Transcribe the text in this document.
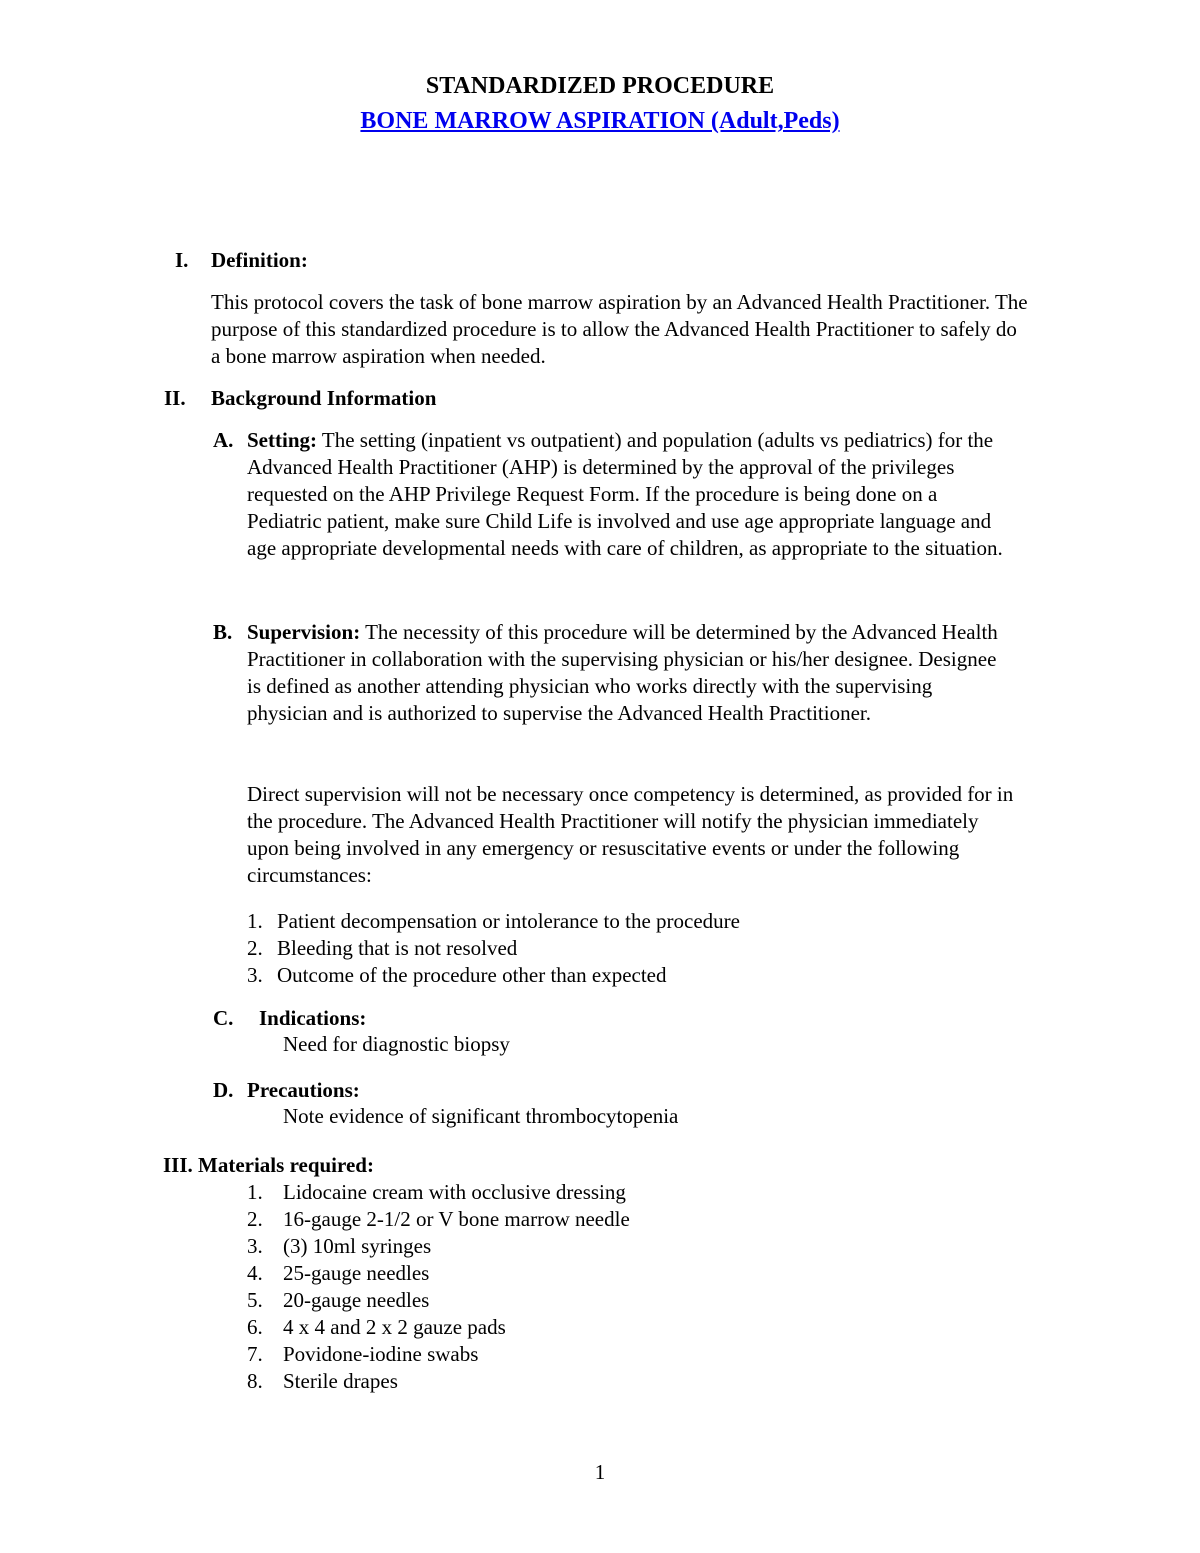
STANDARDIZED PROCEDURE
BONE MARROW ASPIRATION (Adult,Peds)
I. Definition:

This protocol covers the task of bone marrow aspiration by an Advanced Health Practitioner. The purpose of this standardized procedure is to allow the Advanced Health Practitioner to safely do a bone marrow aspiration when needed.

II. Background Information
A. Setting: The setting (inpatient vs outpatient) and population (adults vs pediatrics) for the Advanced Health Practitioner (AHP) is determined by the approval of the privileges requested on the AHP Privilege Request Form. If the procedure is being done on a Pediatric patient, make sure Child Life is involved and use age appropriate language and age appropriate developmental needs with care of children, as appropriate to the situation.
B. Supervision: The necessity of this procedure will be determined by the Advanced Health Practitioner in collaboration with the supervising physician or his/her designee. Designee is defined as another attending physician who works directly with the supervising physician and is authorized to supervise the Advanced Health Practitioner.

Direct supervision will not be necessary once competency is determined, as provided for in the procedure. The Advanced Health Practitioner will notify the physician immediately upon being involved in any emergency or resuscitative events or under the following circumstances:

1. Patient decompensation or intolerance to the procedure
2. Bleeding that is not resolved
3. Outcome of the procedure other than expected
C. Indications:

Need for diagnostic biopsy

D. Precautions:

Note evidence of significant thrombocytopenia

III. Materials required:
1. Lidocaine cream with occlusive dressing
2. 16-gauge 2-1/2 or V bone marrow needle
3. (3) 10ml syringes
4. 25-gauge needles
5. 20-gauge needles
6. 4 x 4 and 2 x 2 gauze pads
7. Povidone-iodine swabs
8. Sterile drapes
1
